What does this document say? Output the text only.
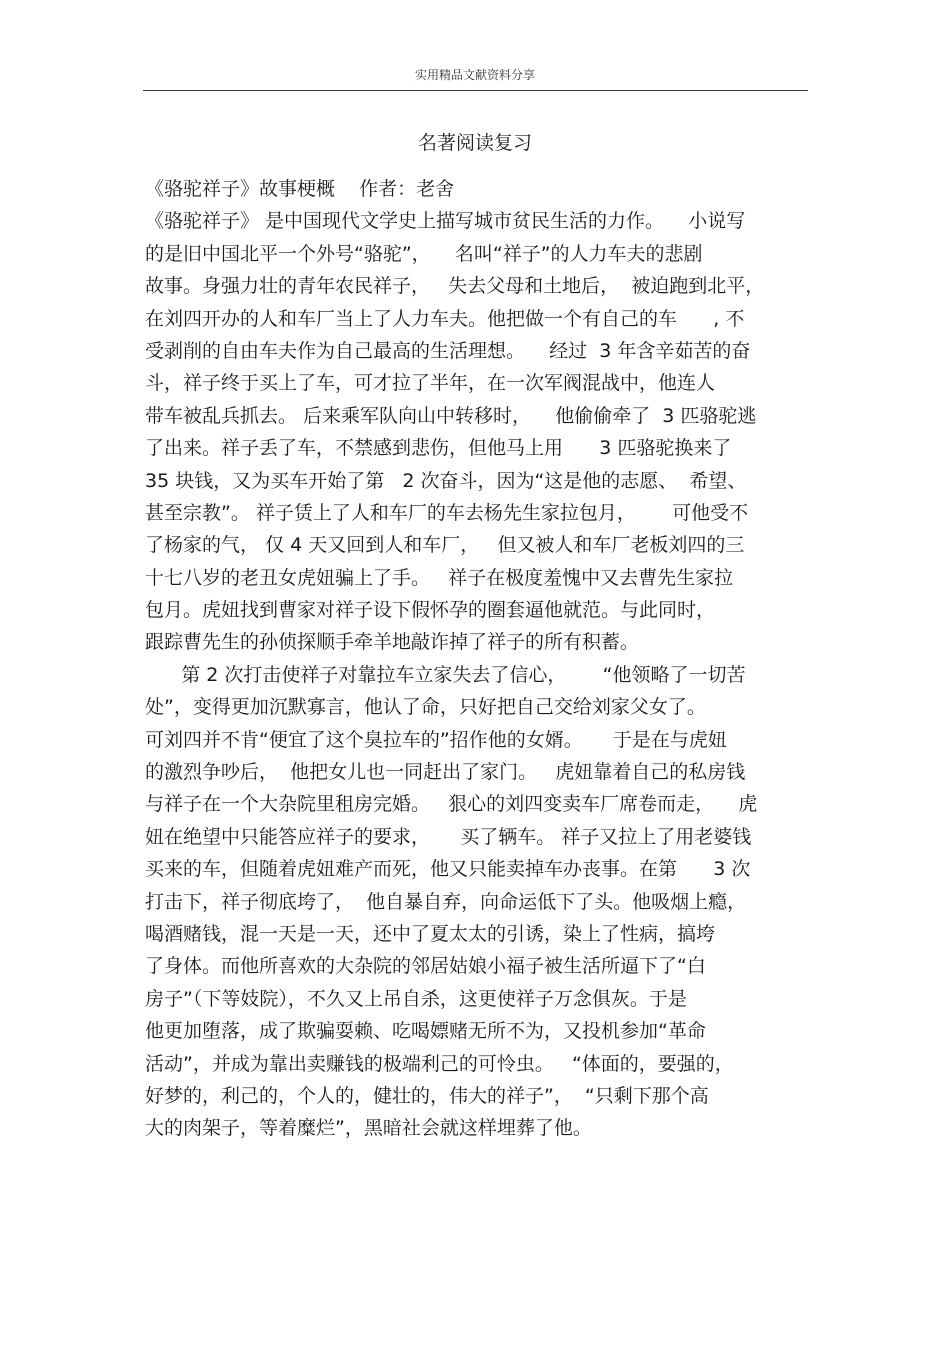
实用精品文献资料分享
名著阅读复习
《骆驼祥子》故事梗概    作者：老舍
《骆驼祥子》 是中国现代文学史上描写城市贫民生活的力作。    小说写
的是旧中国北平一个外号“骆驼”，    名叫“祥子”的人力车夫的悲剧
故事。身强力壮的青年农民祥子，   失去父母和土地后，  被迫跑到北平，
在刘四开办的人和车厂当上了人力车夫。他把做一个有自己的车      , 不
受剥削的自由车夫作为自己最高的生活理想。    经过  3 年含辛茹苦的奋
斗，祥子终于买上了车，可才拉了半年，在一次军阀混战中，他连人
带车被乱兵抓去。 后来乘军队向山中转移时，    他偷偷牵了  3 匹骆驼逃
了出来。祥子丢了车，不禁感到悲伤，但他马上用      3 匹骆驼换来了
35 块钱，又为买车开始了第   2 次奋斗，因为“这是他的志愿、  希望、
甚至宗教”。 祥子赁上了人和车厂的车去杨先生家拉包月，      可他受不
了杨家的气， 仅 4 天又回到人和车厂，   但又被人和车厂老板刘四的三
十七八岁的老丑女虎妞骗上了手。   祥子在极度羞愧中又去曹先生家拉
包月。虎妞找到曹家对祥子设下假怀孕的圈套逼他就范。与此同时，
跟踪曹先生的孙侦探顺手牵羊地敲诈掉了祥子的所有积蓄。
第 2 次打击使祥子对靠拉车立家失去了信心，      “他领略了一切苦
处”，变得更加沉默寡言，他认了命，只好把自己交给刘家父女了。
可刘四并不肯“便宜了这个臭拉车的”招作他的女婿。     于是在与虎妞
的激烈争吵后，  他把女儿也一同赶出了家门。   虎妞靠着自己的私房钱
与祥子在一个大杂院里租房完婚。   狠心的刘四变卖车厂席卷而走，    虎
妞在绝望中只能答应祥子的要求，     买了辆车。 祥子又拉上了用老婆钱
买来的车，但随着虎妞难产而死，他又只能卖掉车办丧事。在第      3 次
打击下，祥子彻底垮了，  他自暴自弃，向命运低下了头。他吸烟上瘾，
喝酒赌钱，混一天是一天，还中了夏太太的引诱，染上了性病，搞垮
了身体。而他所喜欢的大杂院的邻居姑娘小福子被生活所逼下了“白
房子”（下等妓院），不久又上吊自杀，这更使祥子万念俱灰。于是
他更加堕落，成了欺骗耍赖、吃喝嫖赌无所不为，又投机参加“革命
活动”，并成为靠出卖赚钱的极端利己的可怜虫。   “体面的，要强的，
好梦的，利己的，个人的，健壮的，伟大的祥子”，  “只剩下那个高
大的肉架子，等着糜烂”，黑暗社会就这样埋葬了他。
